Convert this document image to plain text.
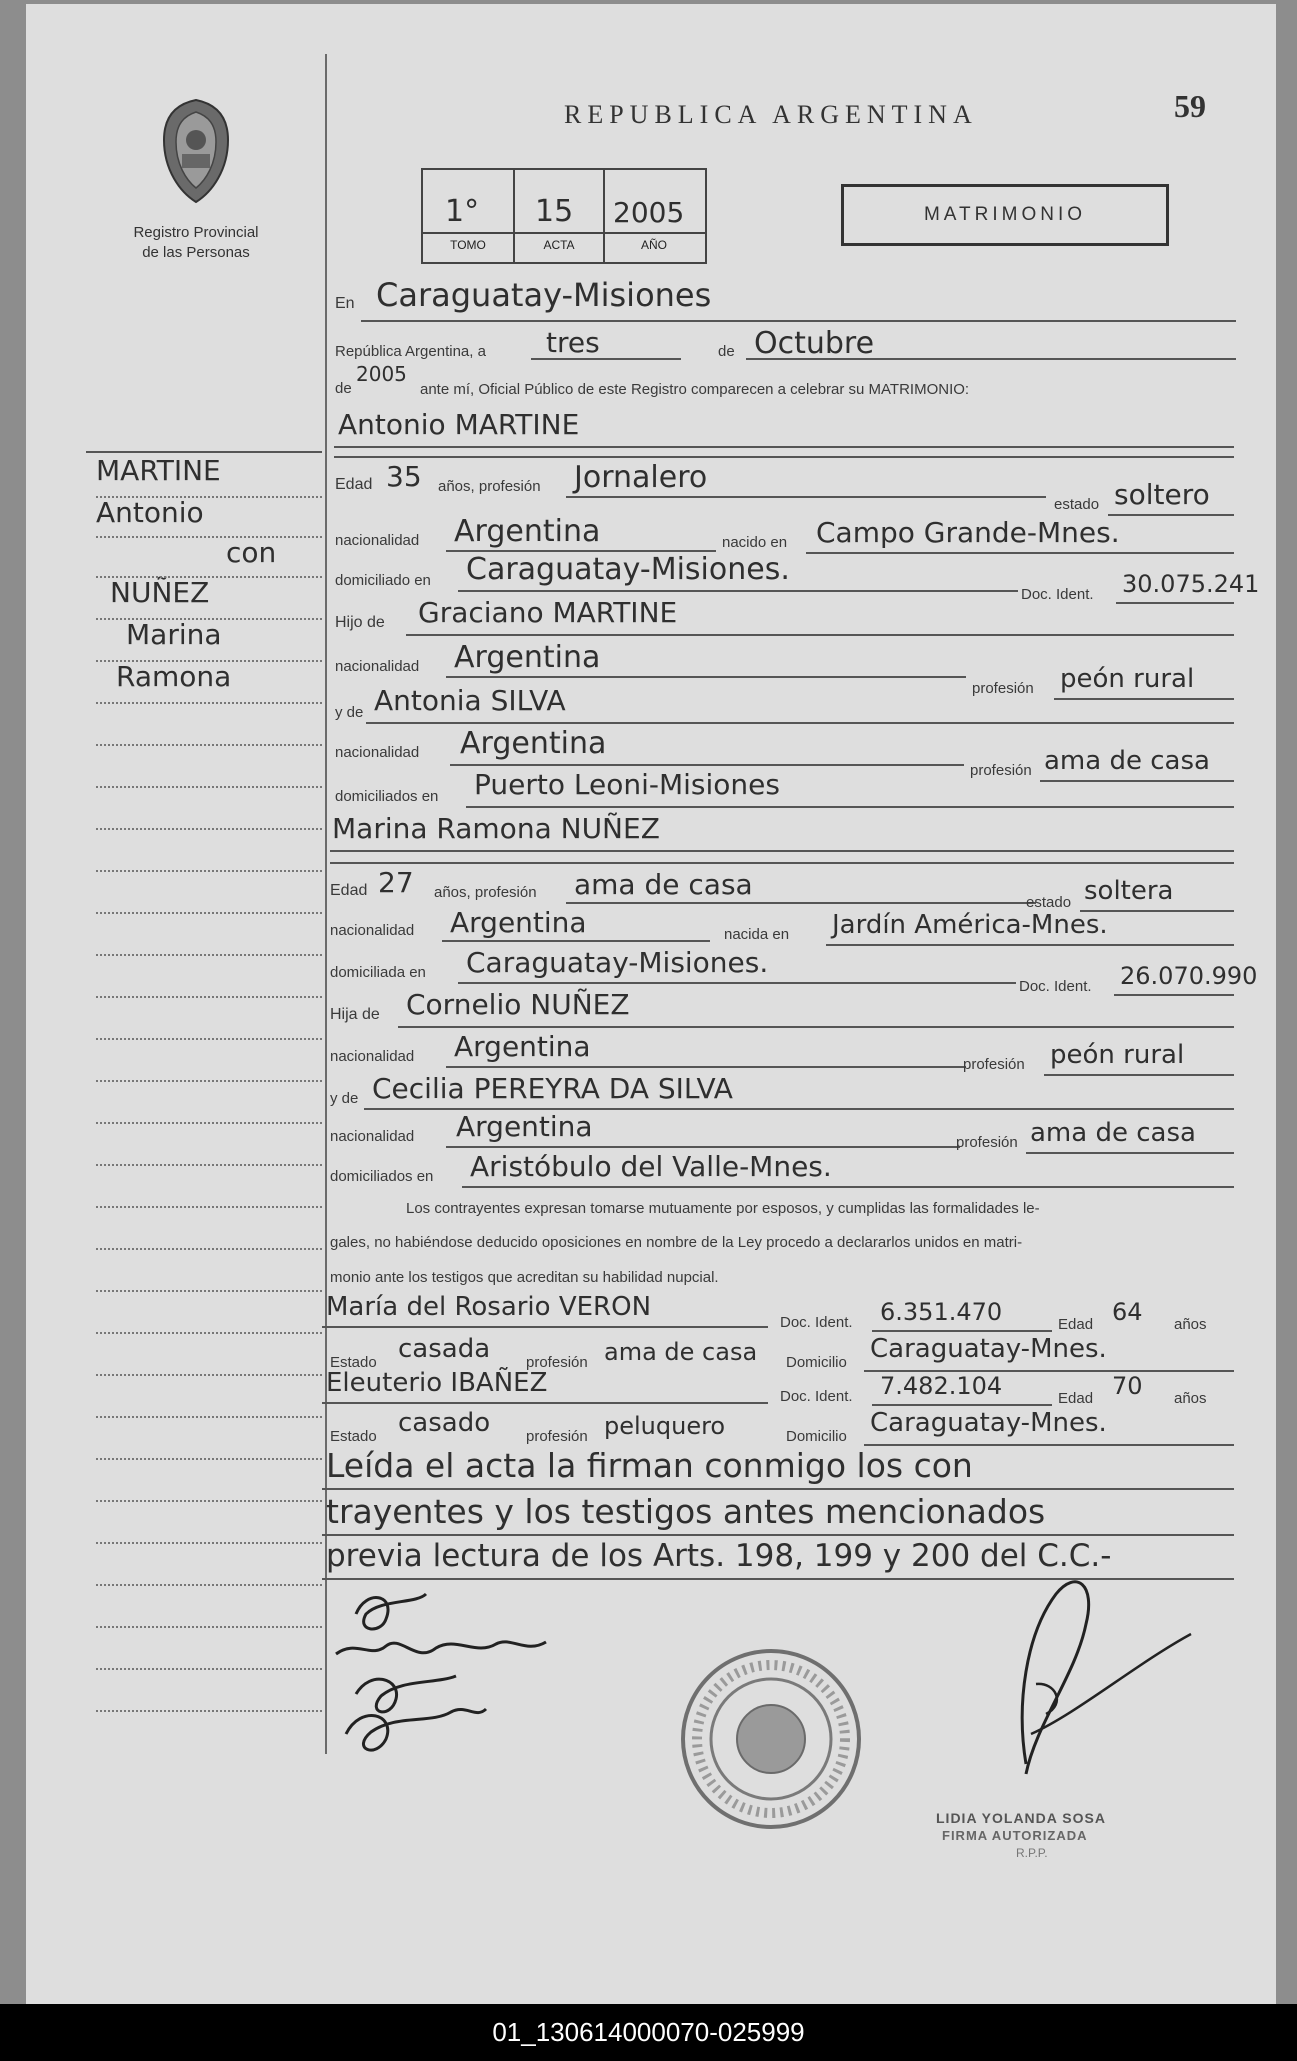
Registro Provincial
de las Personas
REPUBLICA ARGENTINA	59
1°
TOMO
15
ACTA
2005
AÑO
MATRIMONIO
MARTINE
Antonio
con
NUÑEZ
Marina
Ramona
En Caraguatay-Misiones
República Argentina, a tres	de Octubre
de
2005
ante mí, Oficial Público de este Registro comparecen a celebrar su MATRIMONIO:
Antonio MARTINE
Edad 35 años, profesión Jornalero
estado soltero
nacionalidad Argentina	nacido en Campo Grande-Mnes.
domiciliado en Caraguatay-Misiones.
Doc. Ident. 30.075.241
Hijo de Graciano MARTINE
nacionalidad Argentina
profesión peón rural
y de Antonia SILVA
nacionalidad Argentina
profesión ama de casa
domiciliados en Puerto Leoni-Misiones
Marina Ramona NUÑEZ
Edad 27 años, profesión ama de casa
estado soltera
nacionalidad Argentina	nacida en Jardín América-Mnes.
domiciliada en Caraguatay-Misiones.
Doc. Ident. 26.070.990
Hija de Cornelio NUÑEZ
nacionalidad Argentina
profesión peón rural
y de Cecilia PEREYRA DA SILVA
nacionalidad Argentina	profesión ama de casa
domiciliados en Aristóbulo del Valle-Mnes.
Los contrayentes expresan tomarse mutuamente por esposos, y cumplidas las formalidades le-
gales, no habiéndose deducido oposiciones en nombre de la Ley procedo a declararlos unidos en matri-
monio ante los testigos que acreditan su habilidad nupcial.
María del Rosario VERON
Doc. Ident. 6.351.470	Edad 64 años
Estado casada profesión ama de casa Domicilio Caraguatay-Mnes.
Eleuterio IBAÑEZ	Doc. Ident. 7.482.104	Edad 70 años
Estado casado profesión peluquero	Domicilio Caraguatay-Mnes.
Leída el acta la firman conmigo los con
trayentes y los testigos antes mencionados
previa lectura de los Arts. 198, 199 y 200 del C.C.-
LIDIA YOLANDA SOSA
FIRMA AUTORIZADA
R.P.P.
01_130614000070-025999
